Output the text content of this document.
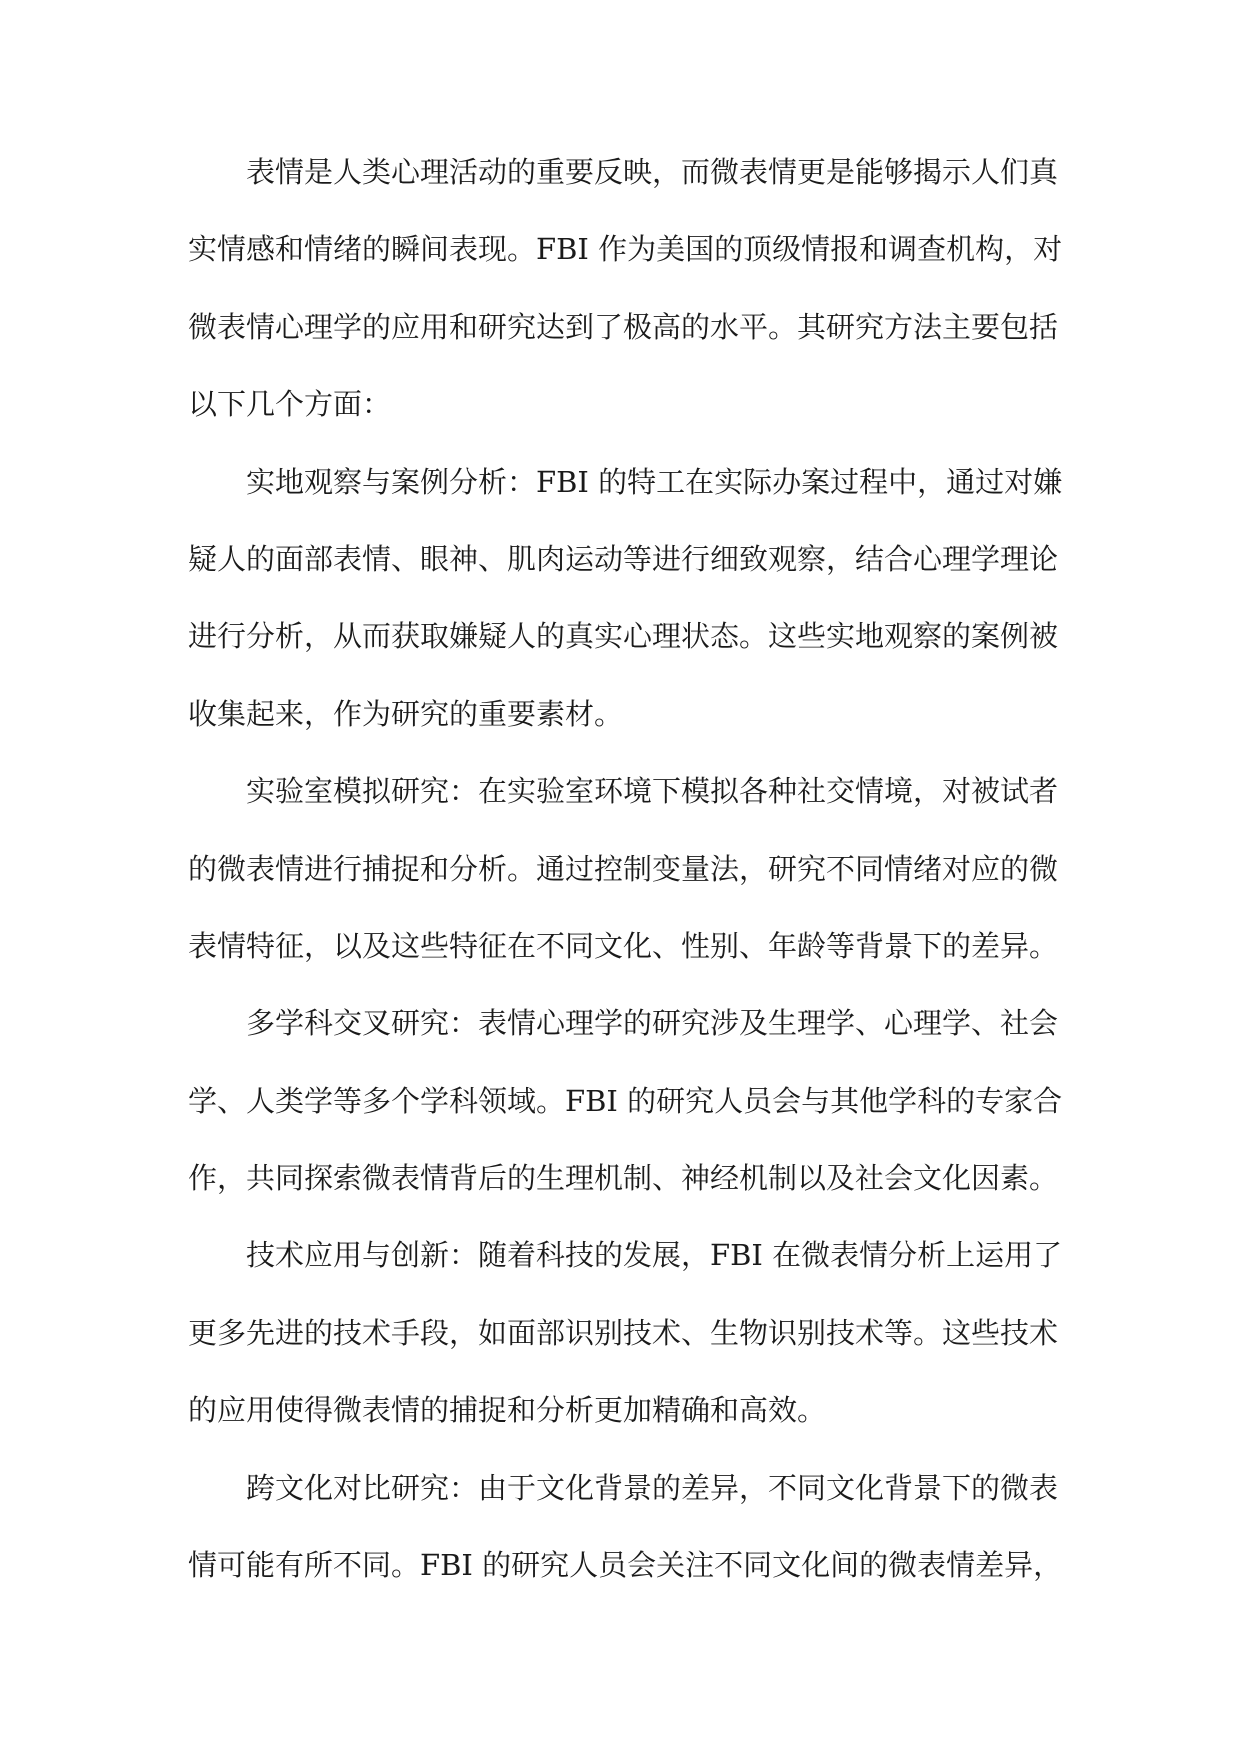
表情是人类心理活动的重要反映，而微表情更是能够揭示人们真
实情感和情绪的瞬间表现。FBI 作为美国的顶级情报和调查机构，对
微表情心理学的应用和研究达到了极高的水平。其研究方法主要包括
以下几个方面：
实地观察与案例分析：FBI 的特工在实际办案过程中，通过对嫌
疑人的面部表情、眼神、肌肉运动等进行细致观察，结合心理学理论
进行分析，从而获取嫌疑人的真实心理状态。这些实地观察的案例被
收集起来，作为研究的重要素材。
实验室模拟研究：在实验室环境下模拟各种社交情境，对被试者
的微表情进行捕捉和分析。通过控制变量法，研究不同情绪对应的微
表情特征，以及这些特征在不同文化、性别、年龄等背景下的差异。
多学科交叉研究：表情心理学的研究涉及生理学、心理学、社会
学、人类学等多个学科领域。FBI 的研究人员会与其他学科的专家合
作，共同探索微表情背后的生理机制、神经机制以及社会文化因素。
技术应用与创新：随着科技的发展，FBI 在微表情分析上运用了
更多先进的技术手段，如面部识别技术、生物识别技术等。这些技术
的应用使得微表情的捕捉和分析更加精确和高效。
跨文化对比研究：由于文化背景的差异，不同文化背景下的微表
情可能有所不同。FBI 的研究人员会关注不同文化间的微表情差异，
